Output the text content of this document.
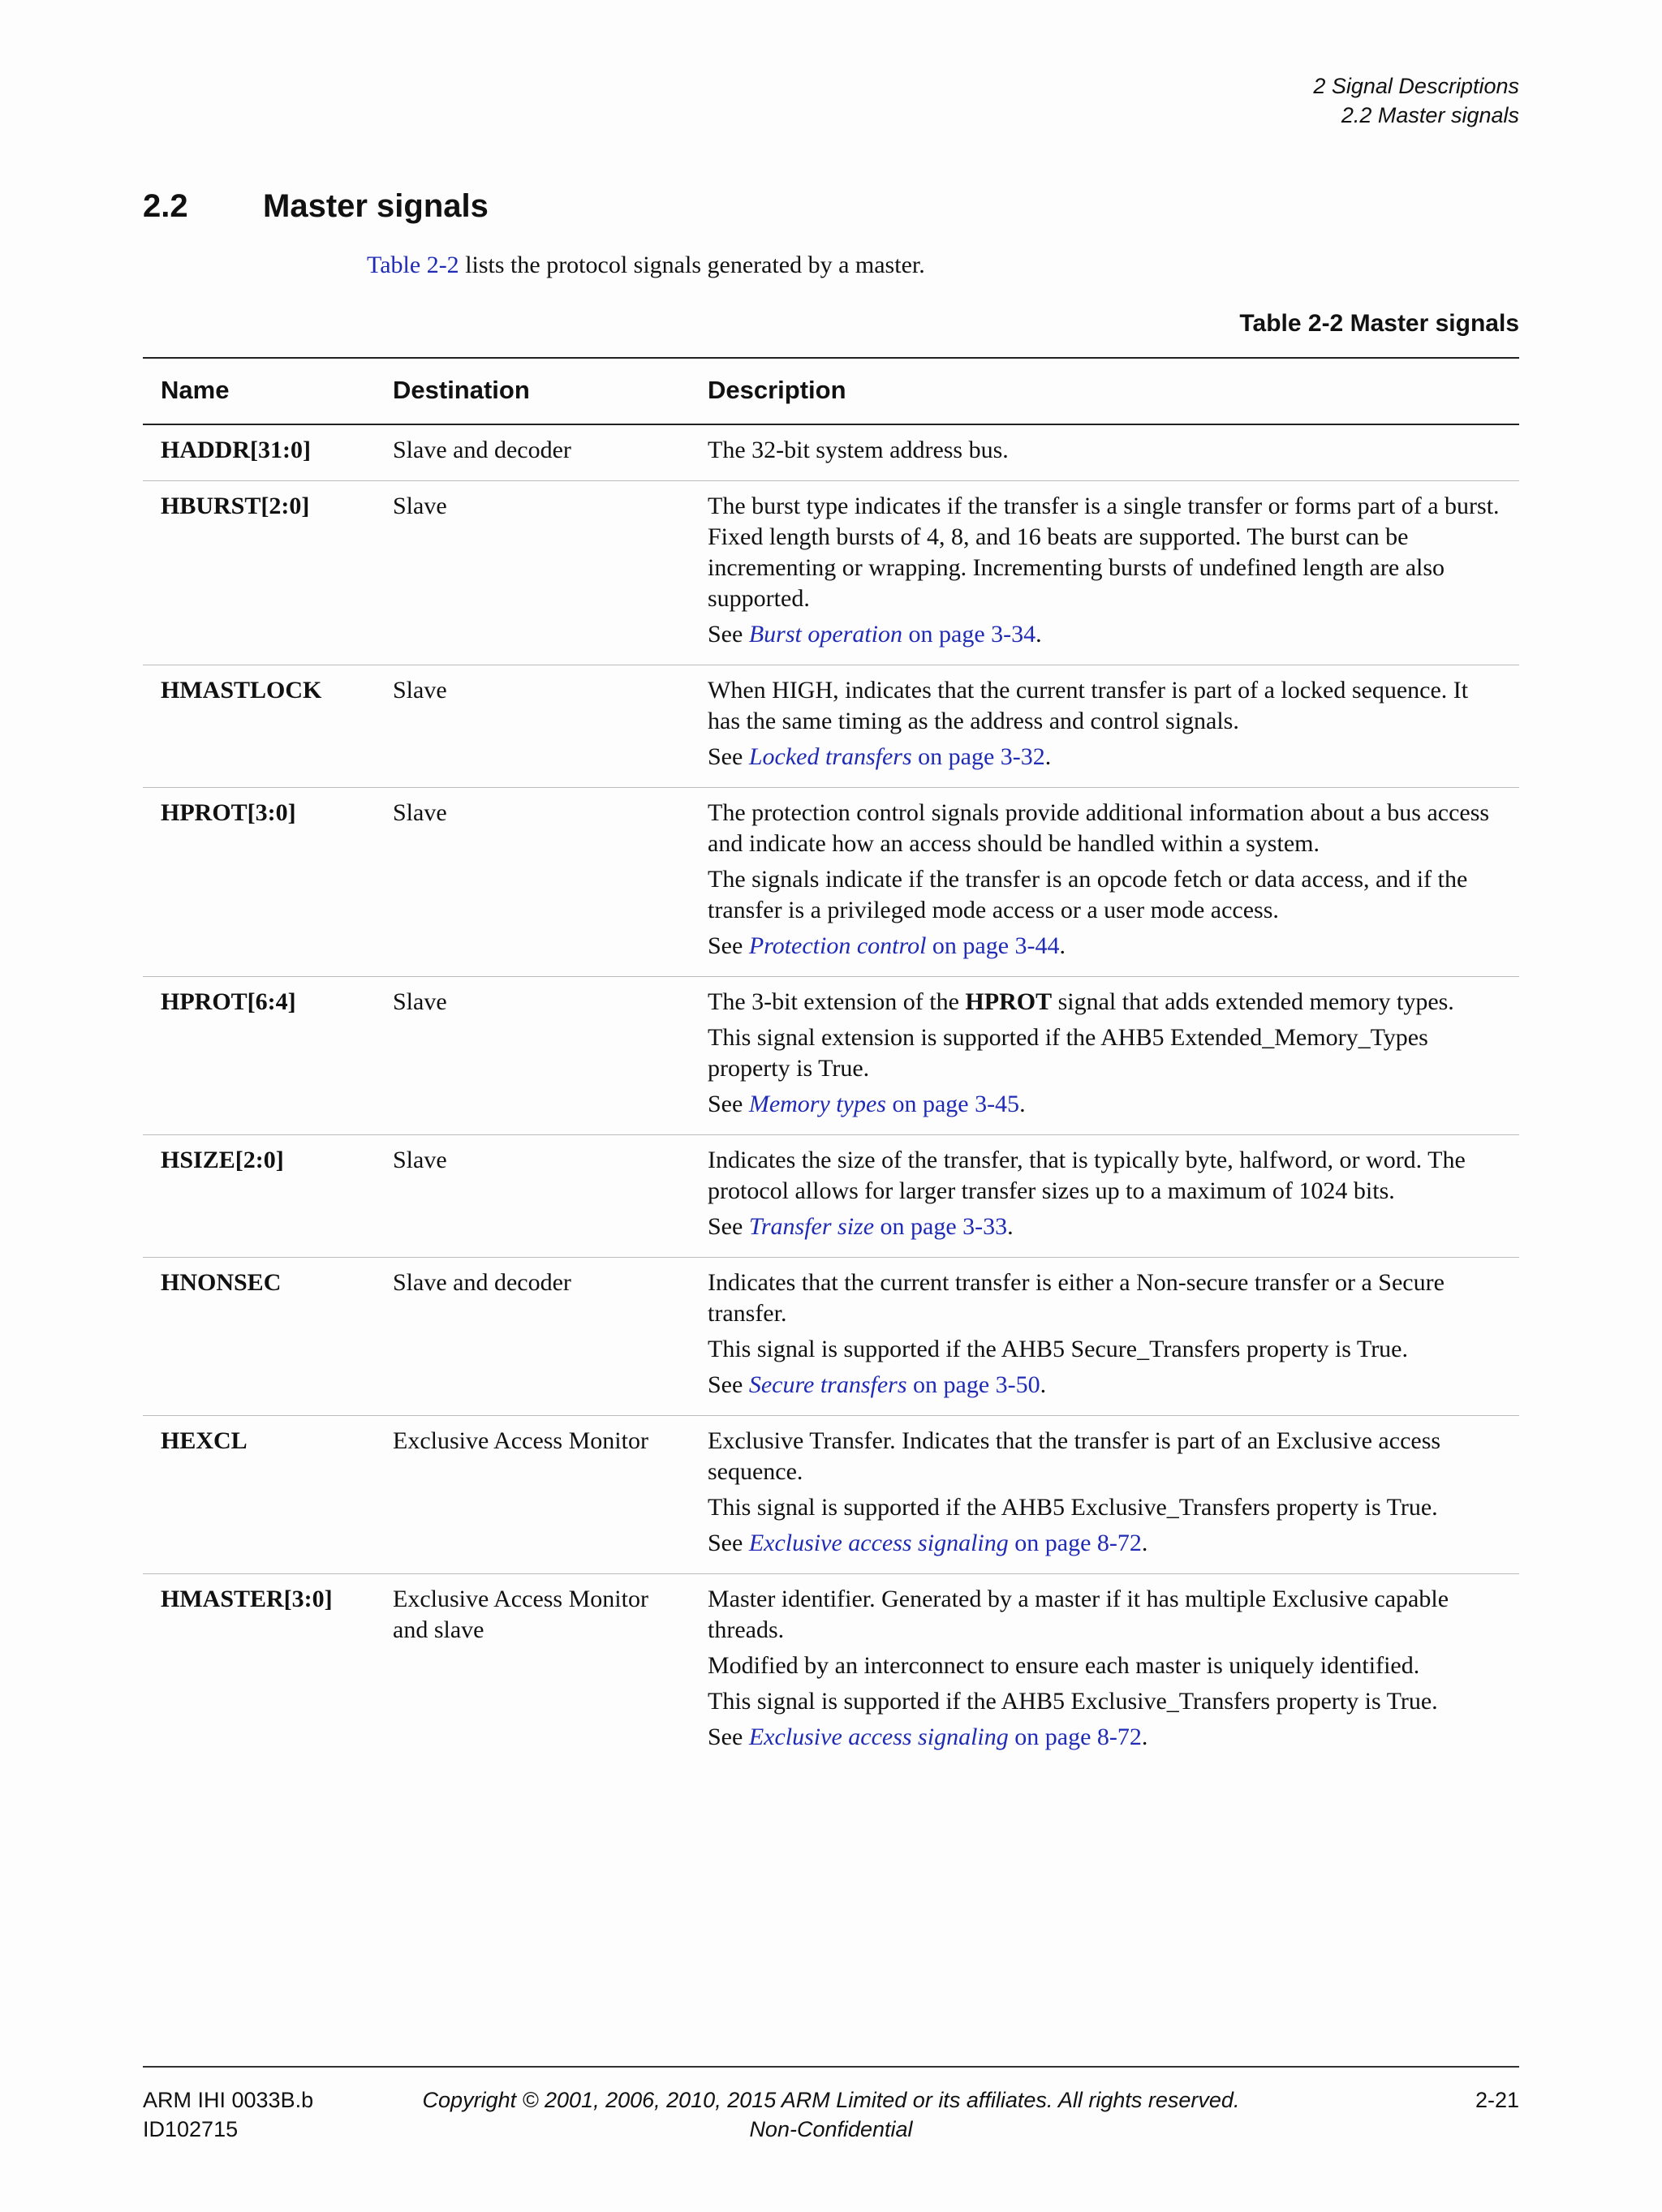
2 Signal Descriptions
2.2 Master signals
2.2	Master signals
Table 2-2 lists the protocol signals generated by a master.
Table 2-2 Master signals
Name	Destination	Description
HADDR[31:0]	Slave and decoder	The 32-bit system address bus.

HBURST[2:0]	Slave	The burst type indicates if the transfer is a single transfer or forms part of a burst. Fixed length bursts of 4, 8, and 16 beats are supported. The burst can be incrementing or wrapping. Incrementing bursts of undefined length are also supported.

See Burst operation on page 3-34.

HMASTLOCK	Slave	When HIGH, indicates that the current transfer is part of a locked sequence. It has the same timing as the address and control signals.

See Locked transfers on page 3-32.

HPROT[3:0]	Slave	The protection control signals provide additional information about a bus access and indicate how an access should be handled within a system.

The signals indicate if the transfer is an opcode fetch or data access, and if the transfer is a privileged mode access or a user mode access.

See Protection control on page 3-44.

HPROT[6:4]	Slave	The 3-bit extension of the HPROT signal that adds extended memory types.

This signal extension is supported if the AHB5 Extended_Memory_Types property is True.

See Memory types on page 3-45.

HSIZE[2:0]	Slave	Indicates the size of the transfer, that is typically byte, halfword, or word. The protocol allows for larger transfer sizes up to a maximum of 1024 bits.

See Transfer size on page 3-33.

HNONSEC	Slave and decoder	Indicates that the current transfer is either a Non-secure transfer or a Secure transfer.

This signal is supported if the AHB5 Secure_Transfers property is True.

See Secure transfers on page 3-50.

HEXCL	Exclusive Access Monitor	Exclusive Transfer. Indicates that the transfer is part of an Exclusive access sequence.

This signal is supported if the AHB5 Exclusive_Transfers property is True.

See Exclusive access signaling on page 8-72.

HMASTER[3:0]	Exclusive Access Monitor and slave	Master identifier. Generated by a master if it has multiple Exclusive capable threads.

Modified by an interconnect to ensure each master is uniquely identified.

This signal is supported if the AHB5 Exclusive_Transfers property is True.

See Exclusive access signaling on page 8-72.

ARM IHI 0033B.b
ID102715
Copyright © 2001, 2006, 2010, 2015 ARM Limited or its affiliates. All rights reserved.
Non-Confidential
2-21
